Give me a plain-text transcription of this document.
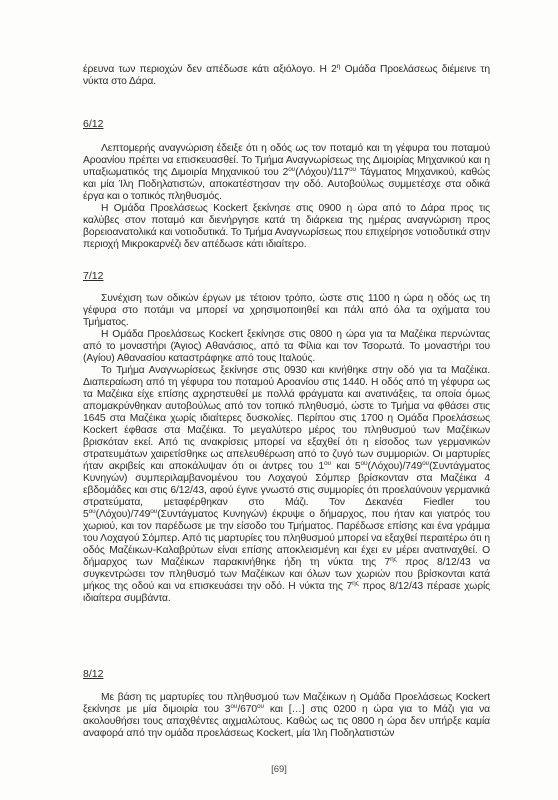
έρευνα των περιοχών δεν απέδωσε κάτι αξιόλογο. Η $2^\eta$ Ομάδα Προελάσεως διέμεινε τη νύκτα στο Δάρα.

6/12

Λεπτομερής αναγνώριση έδειξε ότι η οδός ως τον ποταμό και τη γέφυρα του ποταμού Αροανίου πρέπει να επισκευασθεί. Το Τμήμα Αναγνωρίσεως της Διμοιρίας Μηχανικού και η υπαξιωματικός της Διμοιρία Μηχανικού του $2^{o\upsilon}(\Lambda ό\chi o\upsilon)/117^{o\upsilon}$ Τάγματος Μηχανικού, καθώς και μία Ίλη Ποδηλατιστών, αποκατέστησαν την οδό. Αυτοβούλως συμμετέσχε στα οδικά έργα και ο τοπικός πληθυσμός.

Η Ομάδα Προελάσεως Kockert ξεκίνησε στις 0900 η ώρα από το Δάρα προς τις καλύβες στον ποταμό και διενήργησε κατά τη διάρκεια της ημέρας αναγνώριση προς βορειοανατολικά και νοτιοδυτικά. Το Τμήμα Αναγνωρίσεως που επιχείρησε νοτιοδυτικά στην περιοχή Μικροκαρνέζι δεν απέδωσε κάτι ιδιαίτερο.

7/12

Συνέχιση των οδικών έργων με τέτοιον τρόπο, ώστε στις 1100 η ώρα η οδός ως τη γέφυρα στο ποτάμι να μπορεί να χρησιμοποιηθεί και πάλι από όλα τα οχήματα του Τμήματος.

Η Ομάδα Προελάσεως Kockert ξεκίνησε στις 0800 η ώρα για τα Μαζέικα περνώντας από το μοναστήρι (Άγιος) Αθανάσιος, από τα Φίλια και τον Τσορωτά. Το μοναστήρι του (Αγίου) Αθανασίου καταστράφηκε από τους Ιταλούς.

Το Τμήμα Αναγνωρίσεως ξεκίνησε στις 0930 και κινήθηκε στην οδό για τα Μαζέικα. Διαπεραίωση από τη γέφυρα του ποταμού Αροανίου στις 1440. Η οδός από τη γέφυρα ως τα Μαζέικα είχε επίσης αχρηστευθεί με πολλά φράγματα και ανατινάξεις, τα οποία όμως απομακρύνθηκαν αυτοβούλως από τον τοπικό πληθυσμό, ώστε το Τμήμα να φθάσει στις 1645 στα Μαζέικα χωρίς ιδιαίτερες δυσκολίες. Περίπου στις 1700 η Ομάδα Προελάσεως Kockert έφθασε στα Μαζέικα. Το μεγαλύτερο μέρος του πληθυσμού των Μαζέικων βρισκόταν εκεί. Από τις ανακρίσεις μπορεί να εξαχθεί ότι η είσοδος των γερμανικών στρατευμάτων χαιρετίσθηκε ως απελευθέρωση από το ζυγό των συμμοριών. Οι μαρτυρίες ήταν ακριβείς και αποκάλυψαν ότι οι άντρες του $1^{o\upsilon}$ και $5^{o\upsilon}(\Lambda ό\chi o\upsilon)/749^{o\upsilon}(\Sigma\upsilon\nu\tau ά\gamma\mu\alpha\tau o\varsigma$ Κυνηγών) συμπεριλαμβανομένου του Λοχαγού Σόμπερ βρίσκονταν στα Μαζέικα 4 εβδομάδες και στις 6/12/43, αφού έγινε γνωστό στις συμμορίες ότι προελαύνουν γερμανικά στρατεύματα, μεταφέρθηκαν στο Μάζι. Τον Δεκανέα Fiedler του $5^{o\upsilon}(\Lambda ό\chi o\upsilon)/749^{o\upsilon}(\Sigma\upsilon\nu\tau ά\gamma\mu\alpha\tau o\varsigma$ Κυνηγών) έκρυψε ο δήμαρχος, που ήταν και γιατρός του χωριού, και τον παρέδωσε με την είσοδο του Τμήματος. Παρέδωσε επίσης και ένα γράμμα του Λοχαγού Σόμπερ. Από τις μαρτυρίες του πληθυσμού μπορεί να εξαχθεί περαιτέρω ότι η οδός Μαζέικων-Καλαβρύτων είναι επίσης αποκλεισμένη και έχει εν μέρει ανατιναχθεί. Ο δήμαρχος των Μαζέικων παρακινήθηκε ήδη τη νύκτα της $7^{\eta\varsigma}$ προς 8/12/43 να συγκεντρώσει τον πληθυσμό των Μαζέικων και όλων των χωριών που βρίσκονται κατά μήκος της οδού και να επισκευάσει την οδό. Η νύκτα της $7^{\eta\varsigma}$ προς 8/12/43 πέρασε χωρίς ιδιαίτερα συμβάντα.

8/12

Με βάση τις μαρτυρίες του πληθυσμού των Μαζέικων η Ομάδα Προελάσεως Kockert ξεκίνησε με μία διμοιρία του $3^{o\upsilon}/670^{o\upsilon}$ και […] στις 0200 η ώρα για το Μάζι για να ακολουθήσει τους απαχθέντες αιχμαλώτους. Καθώς ως τις 0800 η ώρα δεν υπήρξε καμία αναφορά από την ομάδα προελάσεως Kockert, μία Ίλη Ποδηλατιστών

[69]
